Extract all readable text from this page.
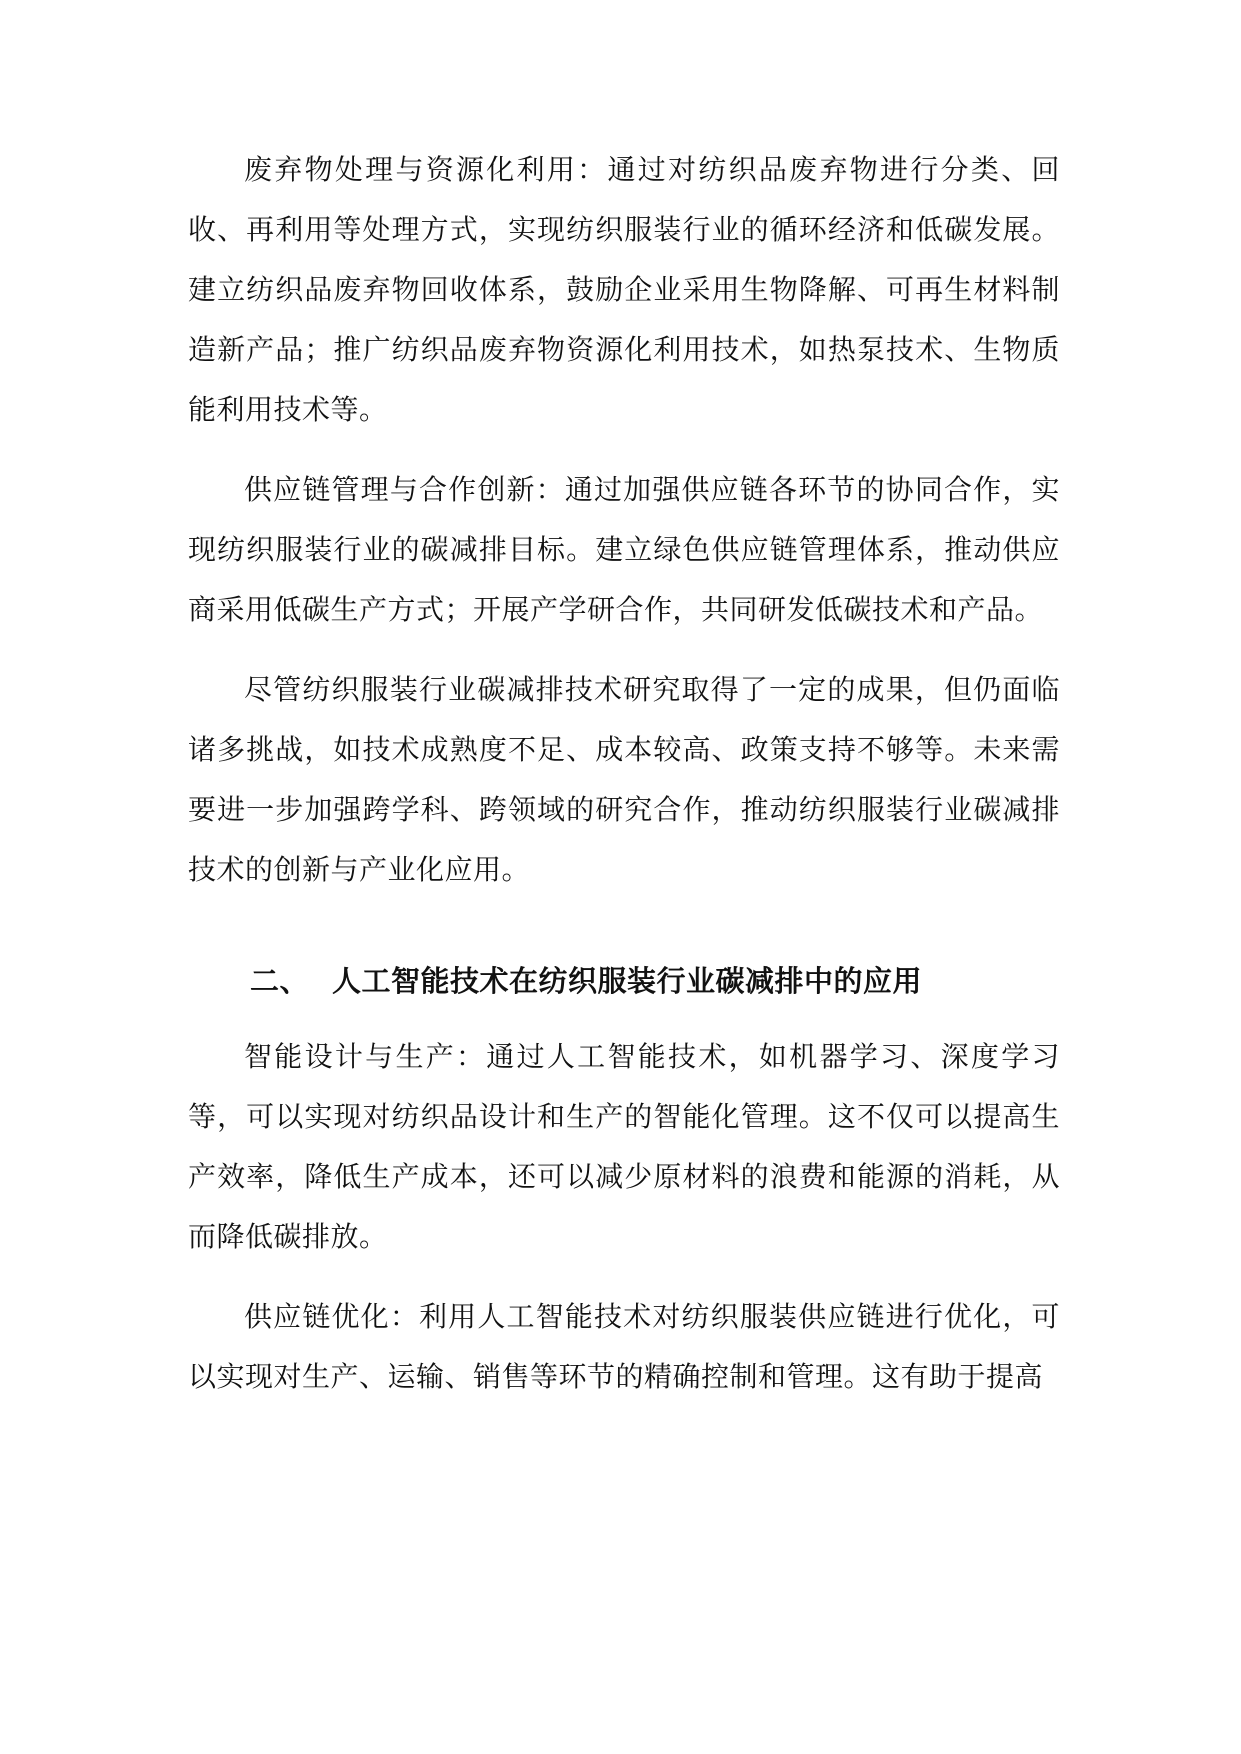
废弃物处理与资源化利用：通过对纺织品废弃物进行分类、回收、再利用等处理方式，实现纺织服装行业的循环经济和低碳发展。建立纺织品废弃物回收体系，鼓励企业采用生物降解、可再生材料制造新产品；推广纺织品废弃物资源化利用技术，如热泵技术、生物质能利用技术等。

供应链管理与合作创新：通过加强供应链各环节的协同合作，实现纺织服装行业的碳减排目标。建立绿色供应链管理体系，推动供应商采用低碳生产方式；开展产学研合作，共同研发低碳技术和产品。

尽管纺织服装行业碳减排技术研究取得了一定的成果，但仍面临诸多挑战，如技术成熟度不足、成本较高、政策支持不够等。未来需要进一步加强跨学科、跨领域的研究合作，推动纺织服装行业碳减排技术的创新与产业化应用。

二、 人工智能技术在纺织服装行业碳减排中的应用

智能设计与生产：通过人工智能技术，如机器学习、深度学习等，可以实现对纺织品设计和生产的智能化管理。这不仅可以提高生产效率，降低生产成本，还可以减少原材料的浪费和能源的消耗，从而降低碳排放。

供应链优化：利用人工智能技术对纺织服装供应链进行优化，可以实现对生产、运输、销售等环节的精确控制和管理。这有助于提高
